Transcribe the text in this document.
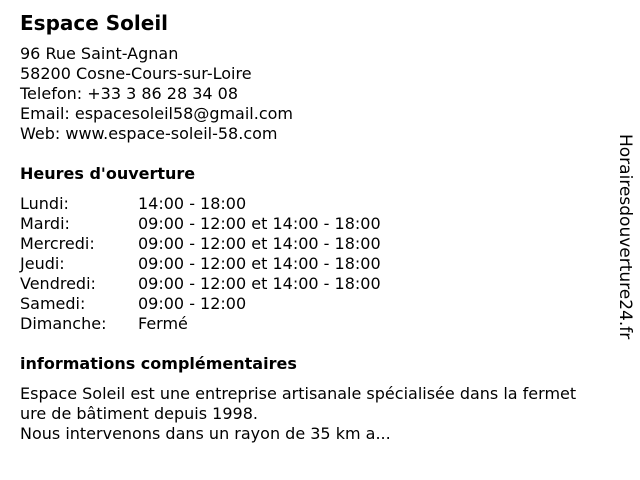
Espace Soleil
96 Rue Saint-Agnan
58200 Cosne-Cours-sur-Loire
Telefon: +33 3 86 28 34 08
Email: espacesoleil58@gmail.com
Web: www.espace-soleil-58.com
Heures d'ouverture
Lundi:	14:00 - 18:00
Mardi:	09:00 - 12:00 et 14:00 - 18:00
Mercredi:	09:00 - 12:00 et 14:00 - 18:00
Jeudi:	09:00 - 12:00 et 14:00 - 18:00
Vendredi:	09:00 - 12:00 et 14:00 - 18:00
Samedi:	09:00 - 12:00
Dimanche: Fermé
informations complémentaires
Espace Soleil est une entreprise artisanale spécialisée dans la fermet
ure de bâtiment depuis 1998.
Nous intervenons dans un rayon de 35 km a...
Horairesdouverture24.fr
